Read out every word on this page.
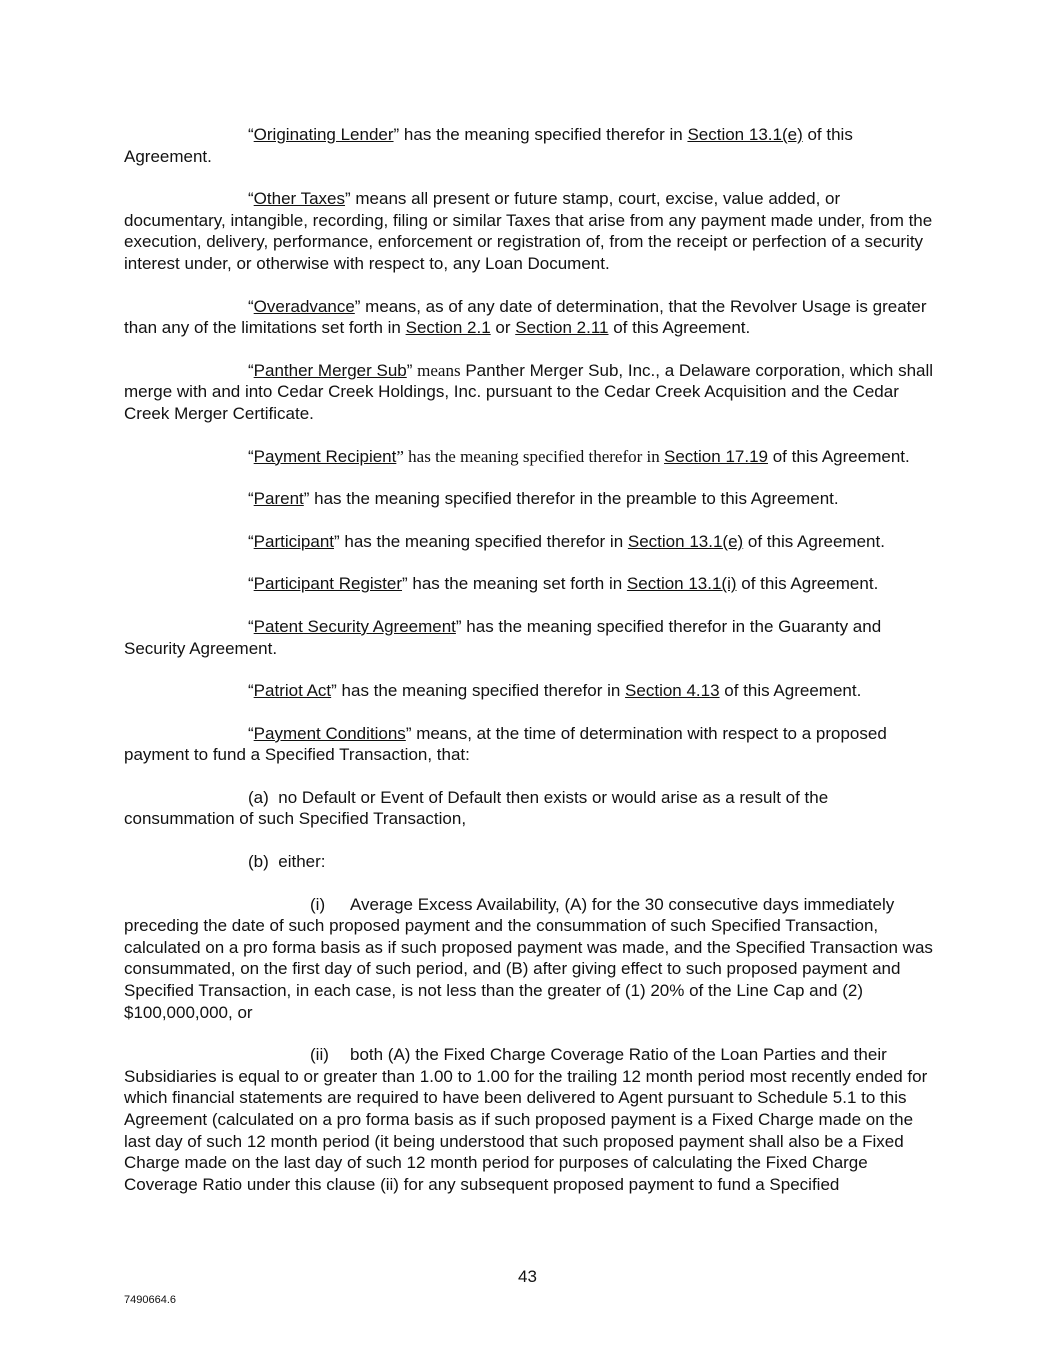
“Originating Lender” has the meaning specified therefor in Section 13.1(e) of this Agreement.

“Other Taxes” means all present or future stamp, court, excise, value added, or documentary, intangible, recording, filing or similar Taxes that arise from any payment made under, from the execution, delivery, performance, enforcement or registration of, from the receipt or perfection of a security interest under, or otherwise with respect to, any Loan Document.

“Overadvance” means, as of any date of determination, that the Revolver Usage is greater than any of the limitations set forth in Section 2.1 or Section 2.11 of this Agreement.

“Panther Merger Sub” means Panther Merger Sub, Inc., a Delaware corporation, which shall merge with and into Cedar Creek Holdings, Inc. pursuant to the Cedar Creek Acquisition and the Cedar Creek Merger Certificate.

“Payment Recipient” has the meaning specified therefor in Section 17.19 of this Agreement.

“Parent” has the meaning specified therefor in the preamble to this Agreement.

“Participant” has the meaning specified therefor in Section 13.1(e) of this Agreement.

“Participant Register” has the meaning set forth in Section 13.1(i) of this Agreement.

“Patent Security Agreement” has the meaning specified therefor in the Guaranty and Security Agreement.

“Patriot Act” has the meaning specified therefor in Section 4.13 of this Agreement.

“Payment Conditions” means, at the time of determination with respect to a proposed payment to fund a Specified Transaction, that:

(a) no Default or Event of Default then exists or would arise as a result of the consummation of such Specified Transaction,

(b) either:

(i) Average Excess Availability, (A) for the 30 consecutive days immediately preceding the date of such proposed payment and the consummation of such Specified Transaction, calculated on a pro forma basis as if such proposed payment was made, and the Specified Transaction was consummated, on the first day of such period, and (B) after giving effect to such proposed payment and Specified Transaction, in each case, is not less than the greater of (1) 20% of the Line Cap and (2) $100,000,000, or

(ii) both (A) the Fixed Charge Coverage Ratio of the Loan Parties and their Subsidiaries is equal to or greater than 1.00 to 1.00 for the trailing 12 month period most recently ended for which financial statements are required to have been delivered to Agent pursuant to Schedule 5.1 to this Agreement (calculated on a pro forma basis as if such proposed payment is a Fixed Charge made on the last day of such 12 month period (it being understood that such proposed payment shall also be a Fixed Charge made on the last day of such 12 month period for purposes of calculating the Fixed Charge Coverage Ratio under this clause (ii) for any subsequent proposed payment to fund a Specified

43
7490664.6
